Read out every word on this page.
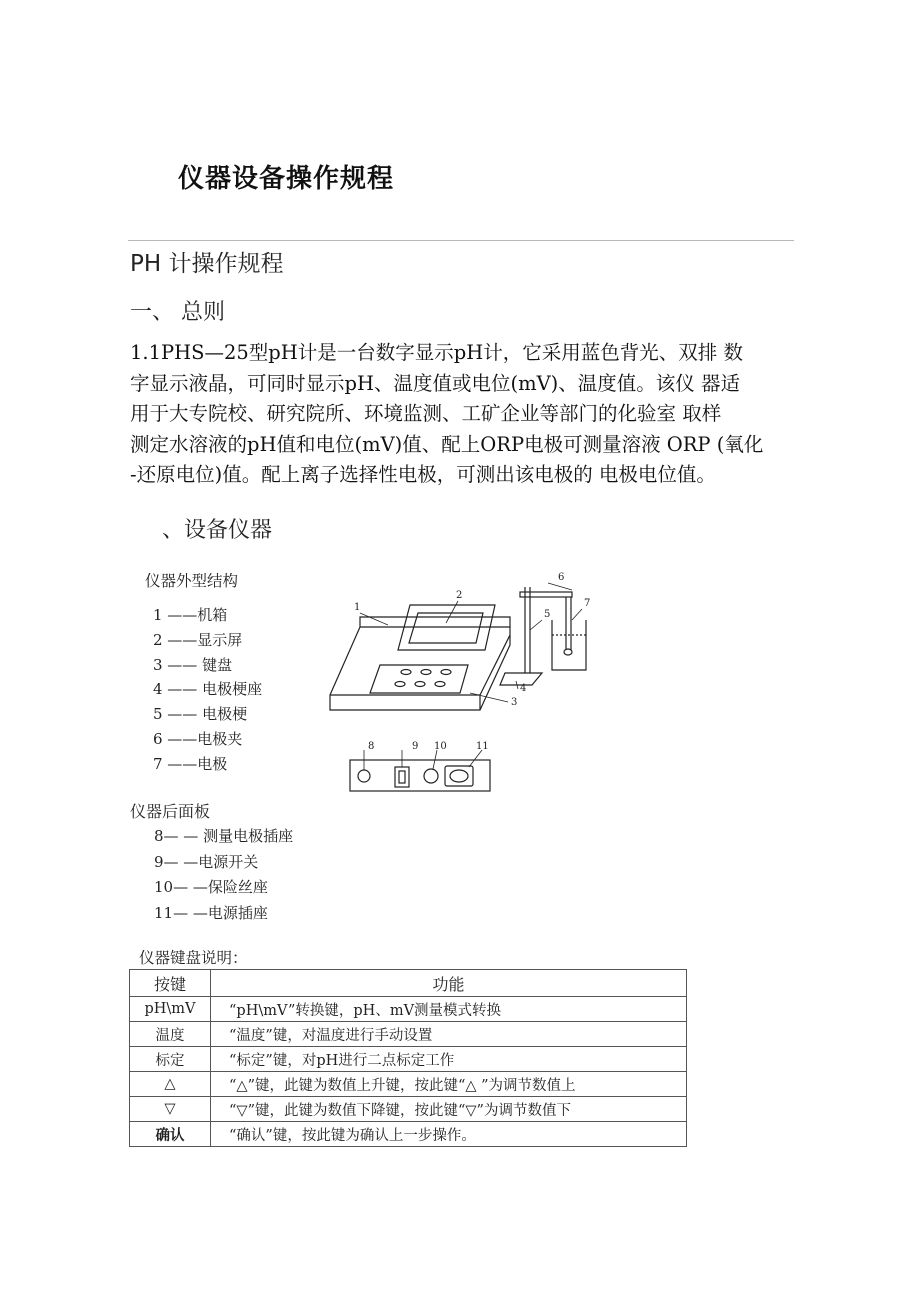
仪器设备操作规程
PH 计操作规程
一、 总则
1.1PHS—25型pH计是一台数字显示pH计，它采用蓝色背光、双排 数
字显示液晶，可同时显示pH、温度值或电位(mV)、温度值。该仪 器适
用于大专院校、研究院所、环境监测、工矿企业等部门的化验室 取样
测定水溶液的pH值和电位(mV)值、配上ORP电极可测量溶液 ORP (氧化
-还原电位)值。配上离子选择性电极，可测出该电极的 电极电位值。
、设备仪器
仪器外型结构
1 ——机箱
2 ——显示屏
3 —— 键盘
4 —— 电极梗座
5 —— 电极梗
6 ——电极夹
7 ——电极
1
2
3
4
5
6
7
8	9 10	11
仪器后面板
8— — 测量电极插座
9— —电源开关
10— —保险丝座
11— —电源插座
仪器键盘说明：
按键	功能
pH\mV	“pH\mV”转换键，pH、mV测量模式转换
温度	“温度”键，对温度进行手动设置
标定	“标定”键，对pH进行二点标定工作
△	“△”键，此键为数值上升键，按此键“△ ”为调节数值上
▽	“▽”键，此键为数值下降键，按此键“▽”为调节数值下
确认	“确认”键，按此键为确认上一步操作。
